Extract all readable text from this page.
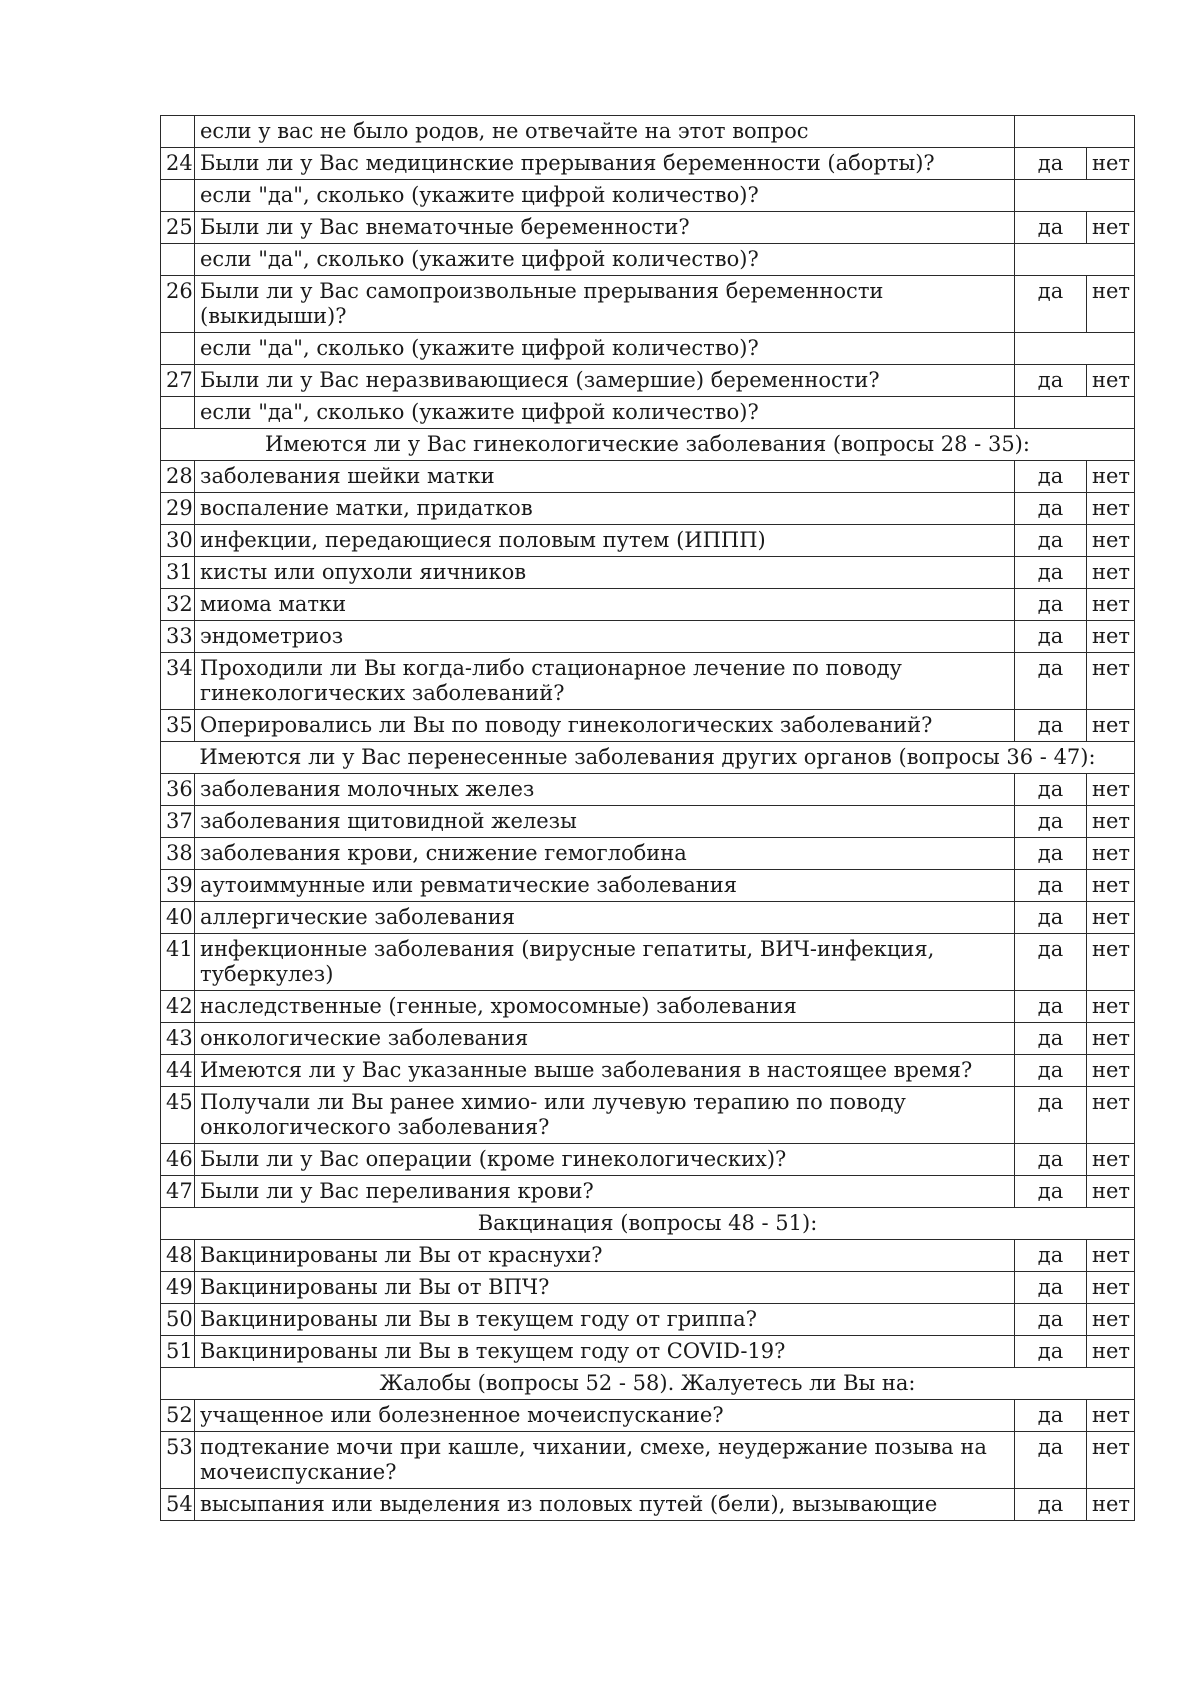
	если у вас не было родов, не отвечайте на этот вопрос		
24	Были ли у Вас медицинские прерывания беременности (аборты)?	да	нет
	если "да", сколько (укажите цифрой количество)?		
25	Были ли у Вас внематочные беременности?	да	нет
	если "да", сколько (укажите цифрой количество)?		
26	Были ли у Вас самопроизвольные прерывания беременности (выкидыши)?	да	нет
	если "да", сколько (укажите цифрой количество)?		
27	Были ли у Вас неразвивающиеся (замершие) беременности?	да	нет
	если "да", сколько (укажите цифрой количество)?		
Имеются ли у Вас гинекологические заболевания (вопросы 28 - 35):			
28	заболевания шейки матки	да	нет
29	воспаление матки, придатков	да	нет
30	инфекции, передающиеся половым путем (ИППП)	да	нет
31	кисты или опухоли яичников	да	нет
32	миома матки	да	нет
33	эндометриоз	да	нет
34	Проходили ли Вы когда-либо стационарное лечение по поводу гинекологических заболеваний?	да	нет
35	Оперировались ли Вы по поводу гинекологических заболеваний?	да	нет
Имеются ли у Вас перенесенные заболевания других органов (вопросы 36 - 47):			
36	заболевания молочных желез	да	нет
37	заболевания щитовидной железы	да	нет
38	заболевания крови, снижение гемоглобина	да	нет
39	аутоиммунные или ревматические заболевания	да	нет
40	аллергические заболевания	да	нет
41	инфекционные заболевания (вирусные гепатиты, ВИЧ-инфекция, туберкулез)	да	нет
42	наследственные (генные, хромосомные) заболевания	да	нет
43	онкологические заболевания	да	нет
44	Имеются ли у Вас указанные выше заболевания в настоящее время?	да	нет
45	Получали ли Вы ранее химио- или лучевую терапию по поводу онкологического заболевания?	да	нет
46	Были ли у Вас операции (кроме гинекологических)?	да	нет
47	Были ли у Вас переливания крови?	да	нет
Вакцинация (вопросы 48 - 51):			
48	Вакцинированы ли Вы от краснухи?	да	нет
49	Вакцинированы ли Вы от ВПЧ?	да	нет
50	Вакцинированы ли Вы в текущем году от гриппа?	да	нет
51	Вакцинированы ли Вы в текущем году от COVID-19?	да	нет
Жалобы (вопросы 52 - 58). Жалуетесь ли Вы на:			
52	учащенное или болезненное мочеиспускание?	да	нет
53	подтекание мочи при кашле, чихании, смехе, неудержание позыва на мочеиспускание?	да	нет
54	высыпания или выделения из половых путей (бели), вызывающие	да	нет
